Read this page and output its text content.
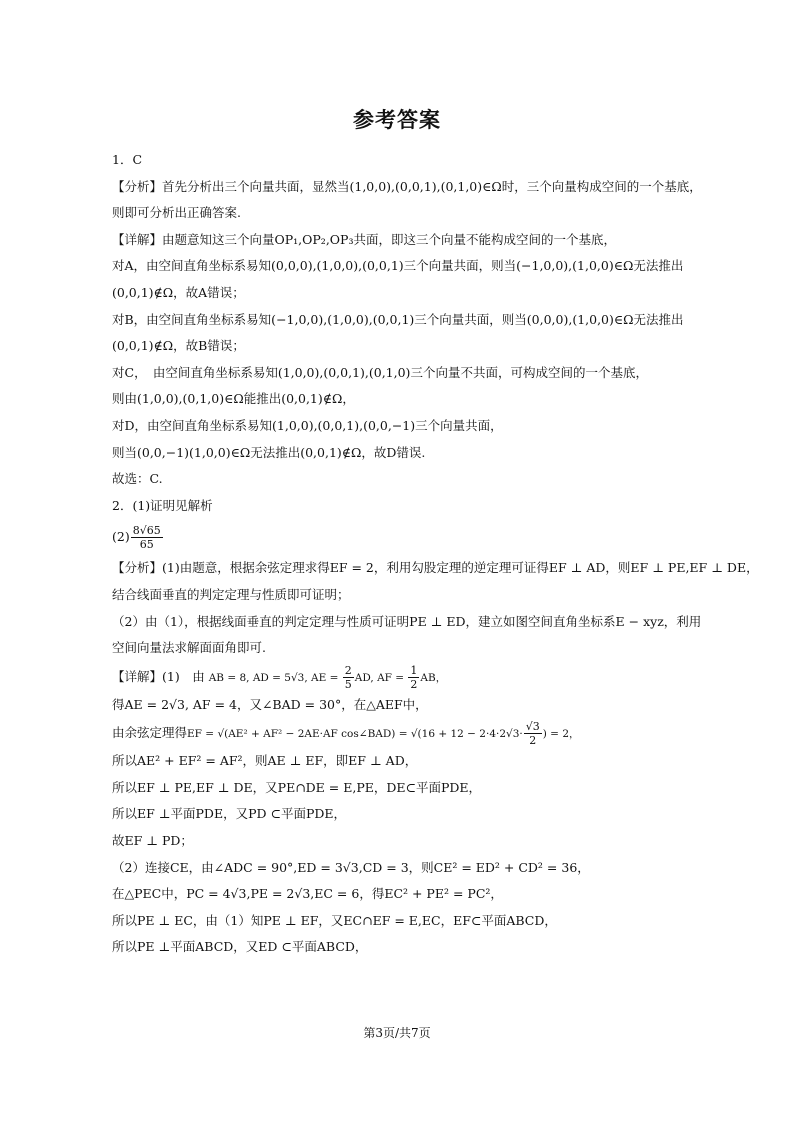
参考答案
1．C
【分析】首先分析出三个向量共面，显然当(1,0,0),(0,0,1),(0,1,0)∈Ω时，三个向量构成空间的一个基底，
则即可分析出正确答案.
【详解】由题意知这三个向量OP₁,OP₂,OP₃共面，即这三个向量不能构成空间的一个基底，
对A，由空间直角坐标系易知(0,0,0),(1,0,0),(0,0,1)三个向量共面，则当(−1,0,0),(1,0,0)∈Ω无法推出
(0,0,1)∉Ω，故A错误；
对B，由空间直角坐标系易知(−1,0,0),(1,0,0),(0,0,1)三个向量共面，则当(0,0,0),(1,0,0)∈Ω无法推出
(0,0,1)∉Ω，故B错误；
对C，　由空间直角坐标系易知(1,0,0),(0,0,1),(0,1,0)三个向量不共面，可构成空间的一个基底，
则由(1,0,0),(0,1,0)∈Ω能推出(0,0,1)∉Ω，
对D，由空间直角坐标系易知(1,0,0),(0,0,1),(0,0,−1)三个向量共面，
则当(0,0,−1)(1,0,0)∈Ω无法推出(0,0,1)∉Ω，故D错误.
故选：C.
2．(1)证明见解析
$(2) \frac{8√65}{65}$
【分析】(1)由题意，根据余弦定理求得EF = 2，利用勾股定理的逆定理可证得EF ⊥ AD，则EF ⊥ PE,EF ⊥ DE，
结合线面垂直的判定定理与性质即可证明；
（2）由（1），根据线面垂直的判定定理与性质可证明PE ⊥ ED，建立如图空间直角坐标系E − xyz，利用
空间向量法求解面面角即可.
【详解】(1)　由 AB = 8, AD = 5√3, AE = $\frac{2}{5}$ AD, AF = $\frac{1}{2}$ AB，
得AE = 2√3, AF = 4，又∠BAD = 30°，在△AEF中，
由余弦定理得EF = √(AE² + AF² − 2AE·AF cos∠BAD) = $√(16 + 12 - 2\cdot 4\cdot 2√3\cdot \frac{√3}{2}$ ) = 2，
所以AE² + EF² = AF²，则AE ⊥ EF，即EF ⊥ AD，
所以EF ⊥ PE,EF ⊥ DE，又PE∩DE = E,PE，DE⊂平面PDE，
所以EF ⊥平面PDE，又PD ⊂平面PDE，
故EF ⊥ PD；
（2）连接CE，由∠ADC = 90°,ED = 3√3,CD = 3，则CE² = ED² + CD² = 36，
在△PEC中，PC = 4√3,PE = 2√3,EC = 6，得EC² + PE² = PC²，
所以PE ⊥ EC，由（1）知PE ⊥ EF，又EC∩EF = E,EC，EF⊂平面ABCD，
所以PE ⊥平面ABCD，又ED ⊂平面ABCD，
第3页/共7页
